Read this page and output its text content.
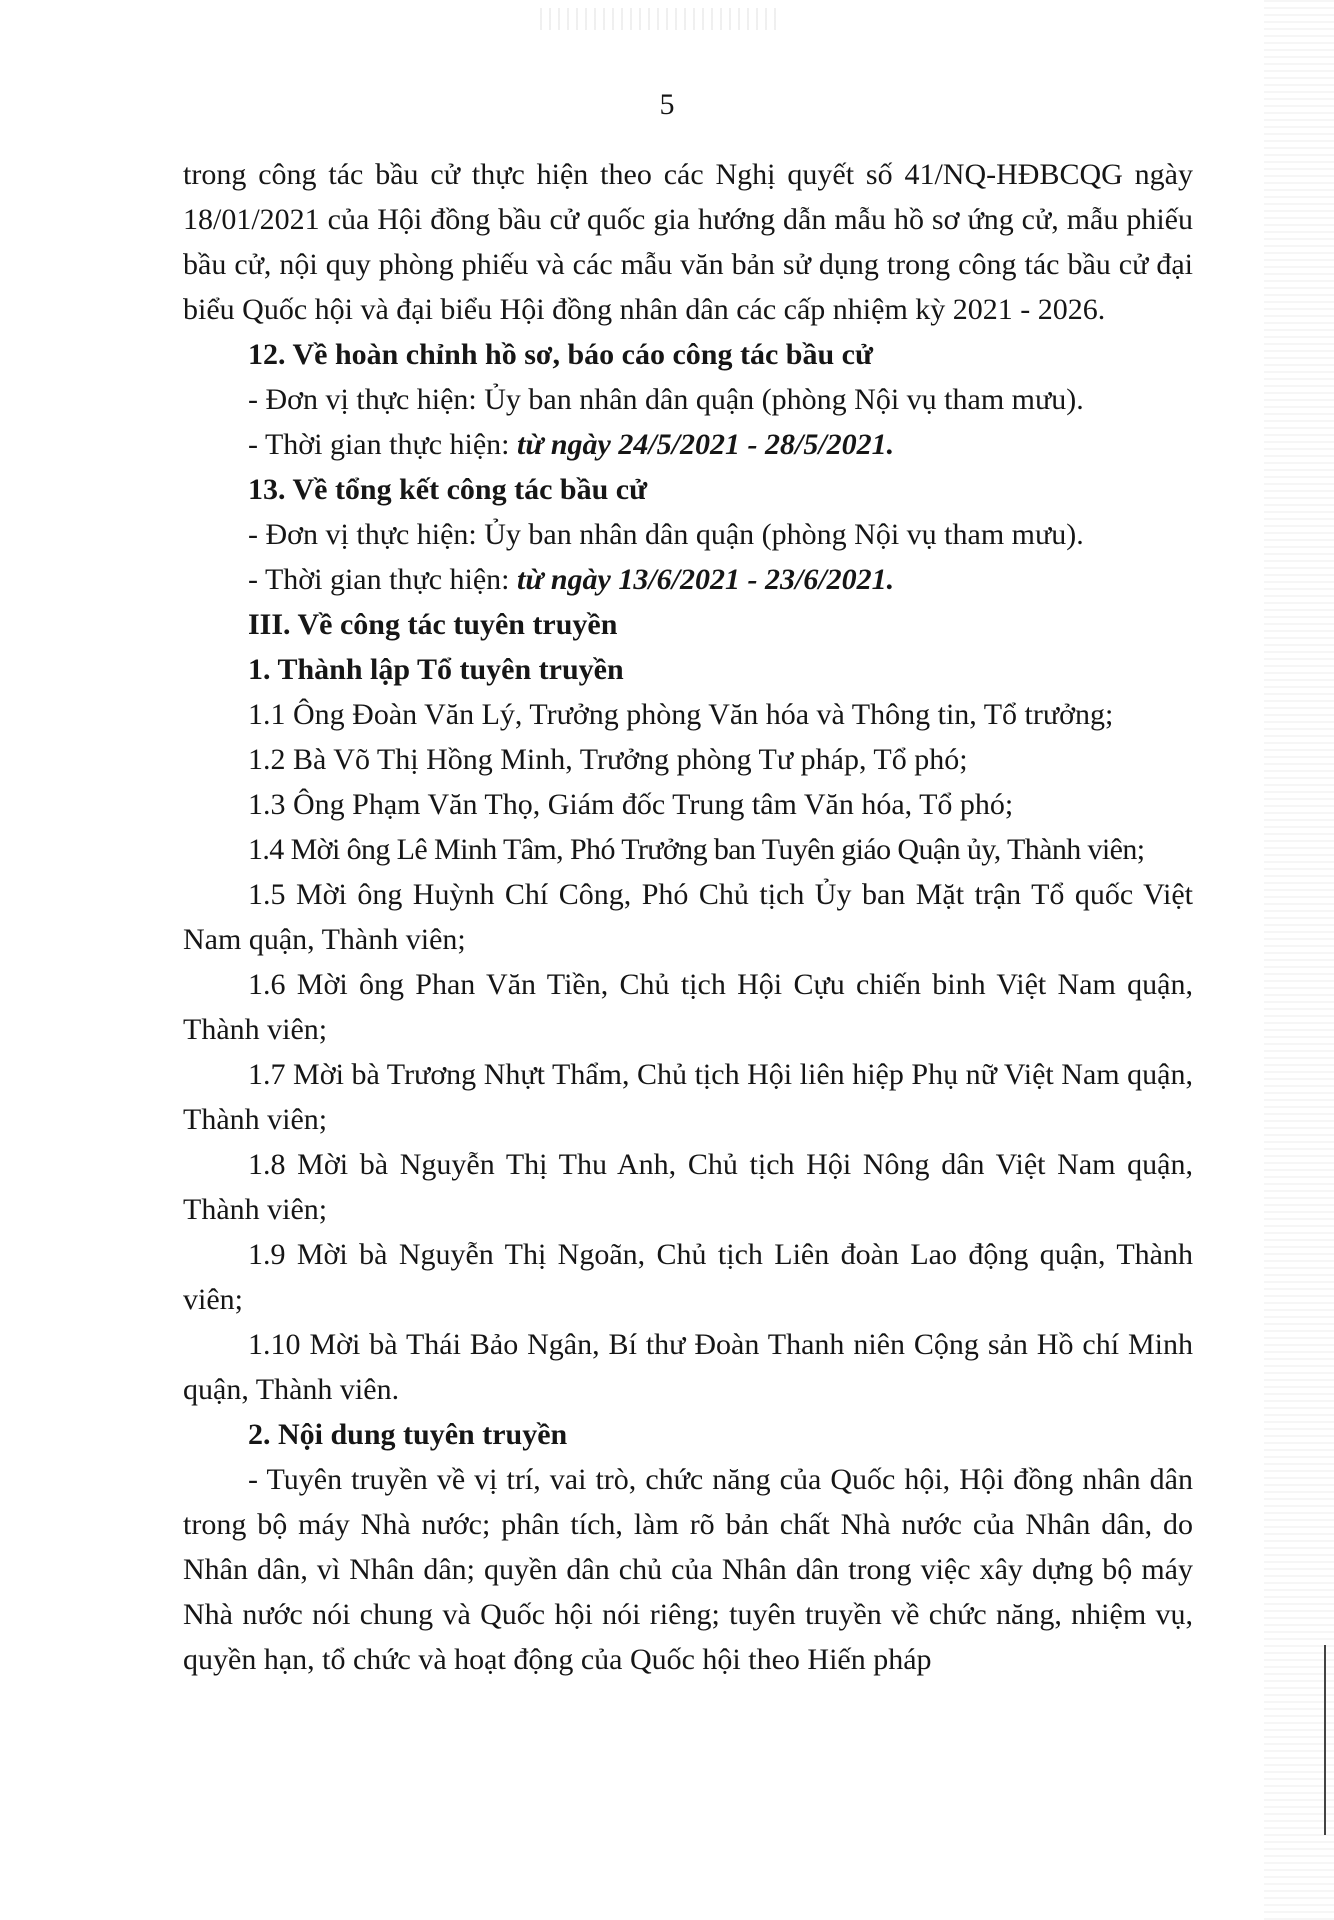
5

trong công tác bầu cử thực hiện theo các Nghị quyết số 41/NQ-HĐBCQG ngày 18/01/2021 của Hội đồng bầu cử quốc gia hướng dẫn mẫu hồ sơ ứng cử, mẫu phiếu bầu cử, nội quy phòng phiếu và các mẫu văn bản sử dụng trong công tác bầu cử đại biểu Quốc hội và đại biểu Hội đồng nhân dân các cấp nhiệm kỳ 2021 - 2026.

12. Về hoàn chỉnh hồ sơ, báo cáo công tác bầu cử

- Đơn vị thực hiện: Ủy ban nhân dân quận (phòng Nội vụ tham mưu).

- Thời gian thực hiện: từ ngày 24/5/2021 - 28/5/2021.

13. Về tổng kết công tác bầu cử

- Đơn vị thực hiện: Ủy ban nhân dân quận (phòng Nội vụ tham mưu).

- Thời gian thực hiện: từ ngày 13/6/2021 - 23/6/2021.

III. Về công tác tuyên truyền

1. Thành lập Tổ tuyên truyền

1.1 Ông Đoàn Văn Lý, Trưởng phòng Văn hóa và Thông tin, Tổ trưởng;

1.2 Bà Võ Thị Hồng Minh, Trưởng phòng Tư pháp, Tổ phó;

1.3 Ông Phạm Văn Thọ, Giám đốc Trung tâm Văn hóa, Tổ phó;

1.4 Mời ông Lê Minh Tâm, Phó Trưởng ban Tuyên giáo Quận ủy, Thành viên;

1.5 Mời ông Huỳnh Chí Công, Phó Chủ tịch Ủy ban Mặt trận Tổ quốc Việt Nam quận, Thành viên;

1.6 Mời ông Phan Văn Tiền, Chủ tịch Hội Cựu chiến binh Việt Nam quận, Thành viên;

1.7 Mời bà Trương Nhựt Thẩm, Chủ tịch Hội liên hiệp Phụ nữ Việt Nam quận, Thành viên;

1.8 Mời bà Nguyễn Thị Thu Anh, Chủ tịch Hội Nông dân Việt Nam quận, Thành viên;

1.9 Mời bà Nguyễn Thị Ngoãn, Chủ tịch Liên đoàn Lao động quận, Thành viên;

1.10 Mời bà Thái Bảo Ngân, Bí thư Đoàn Thanh niên Cộng sản Hồ chí Minh quận, Thành viên.

2. Nội dung tuyên truyền

- Tuyên truyền về vị trí, vai trò, chức năng của Quốc hội, Hội đồng nhân dân trong bộ máy Nhà nước; phân tích, làm rõ bản chất Nhà nước của Nhân dân, do Nhân dân, vì Nhân dân; quyền dân chủ của Nhân dân trong việc xây dựng bộ máy Nhà nước nói chung và Quốc hội nói riêng; tuyên truyền về chức năng, nhiệm vụ, quyền hạn, tổ chức và hoạt động của Quốc hội theo Hiến pháp
